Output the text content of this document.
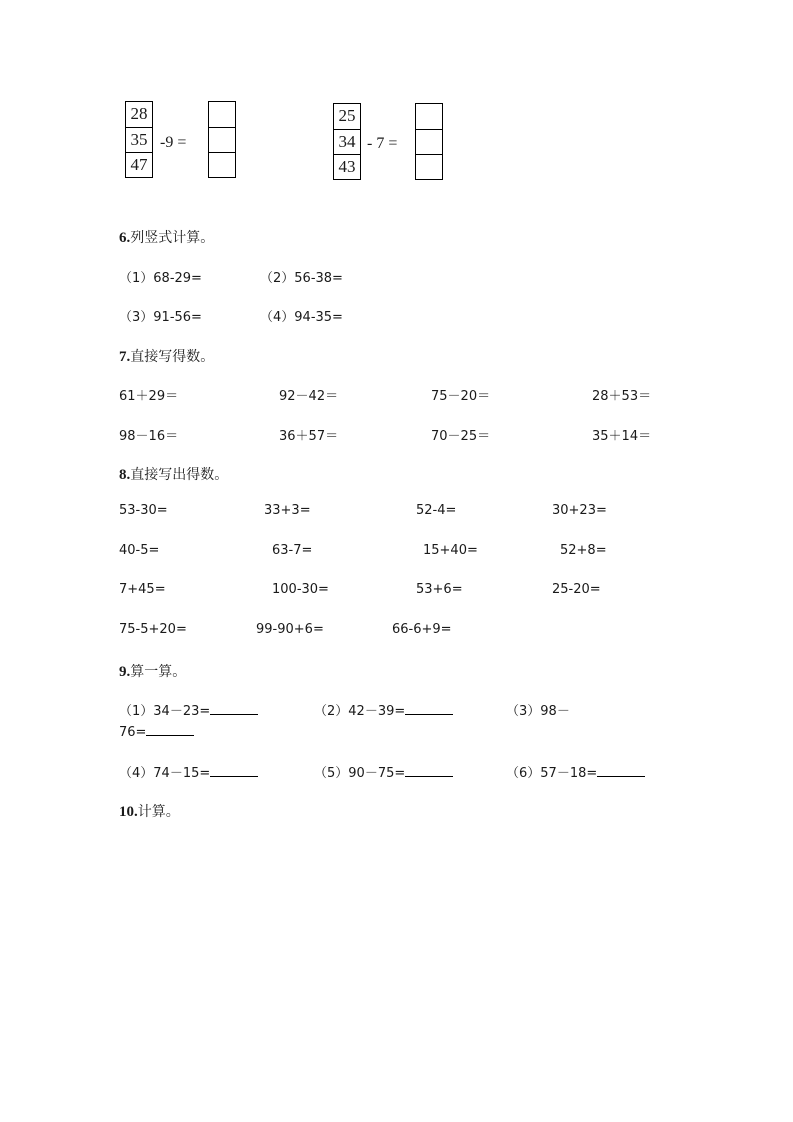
28
35
47
-9 =
25
34
43
- 7 =
6.列竖式计算。
（1）68-29=	（2）56-38=
（3）91-56=	（4）94-35=
7.直接写得数。
61＋29＝	92－42＝	75－20＝	28＋53＝
98－16＝	36＋57＝	70－25＝	35＋14＝
8.直接写出得数。
53-30=	33+3=	52-4=	30+23=
40-5=	63-7=	15+40=	52+8=
7+45=	100-30=	53+6=	25-20=
75-5+20=	99-90+6=	66-6+9=
9.算一算。
（1）34－23=	（2）42－39=	（3）98－
76=
（4）74－15=	（5）90－75=	（6）57－18=
10.计算。
